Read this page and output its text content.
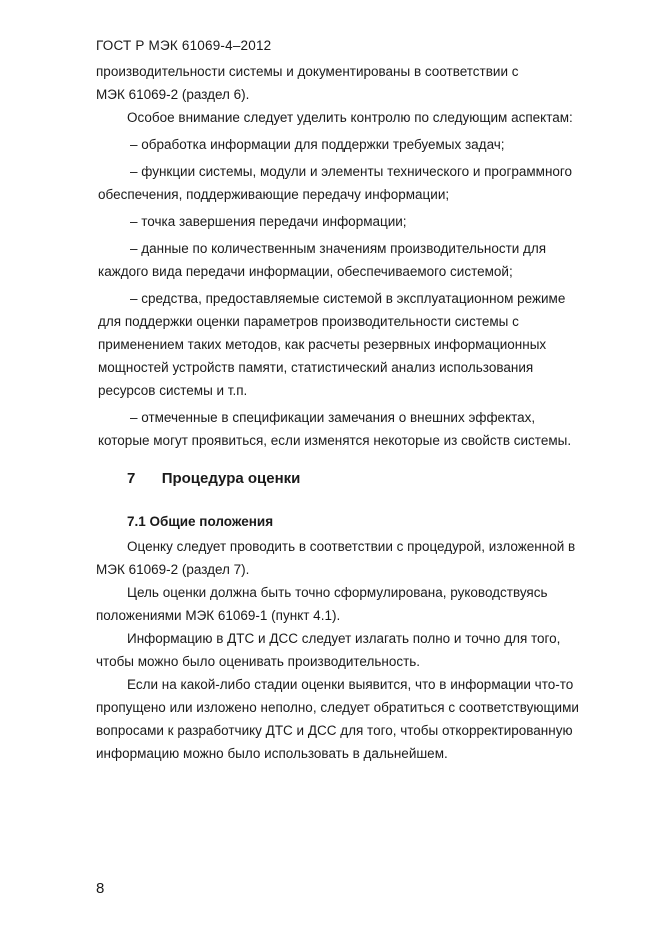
ГОСТ Р МЭК 61069-4–2012
производительности системы и документированы в соответствии с
МЭК 61069-2 (раздел 6).
Особое внимание следует уделить контролю по следующим аспектам:
– обработка информации для поддержки требуемых задач;
– функции системы, модули и элементы технического и программного
обеспечения, поддерживающие передачу информации;
– точка завершения передачи информации;
– данные по количественным значениям производительности для
каждого вида передачи информации, обеспечиваемого системой;
– средства, предоставляемые системой в эксплуатационном режиме
для поддержки оценки параметров производительности системы с
применением таких методов, как расчеты резервных информационных
мощностей устройств памяти, статистический анализ использования
ресурсов системы и т.п.
– отмеченные в спецификации замечания о внешних эффектах,
которые могут проявиться, если изменятся некоторые из свойств системы.
7 Процедура оценки
7.1 Общие положения
Оценку следует проводить в соответствии с процедурой, изложенной в
МЭК 61069-2 (раздел 7).
Цель оценки должна быть точно сформулирована, руководствуясь
положениями МЭК 61069-1 (пункт 4.1).
Информацию в ДТС и ДСС следует излагать полно и точно для того,
чтобы можно было оценивать производительность.
Если на какой-либо стадии оценки выявится, что в информации что-то
пропущено или изложено неполно, следует обратиться с соответствующими
вопросами к разработчику ДТС и ДСС для того, чтобы откорректированную
информацию можно было использовать в дальнейшем.
8
